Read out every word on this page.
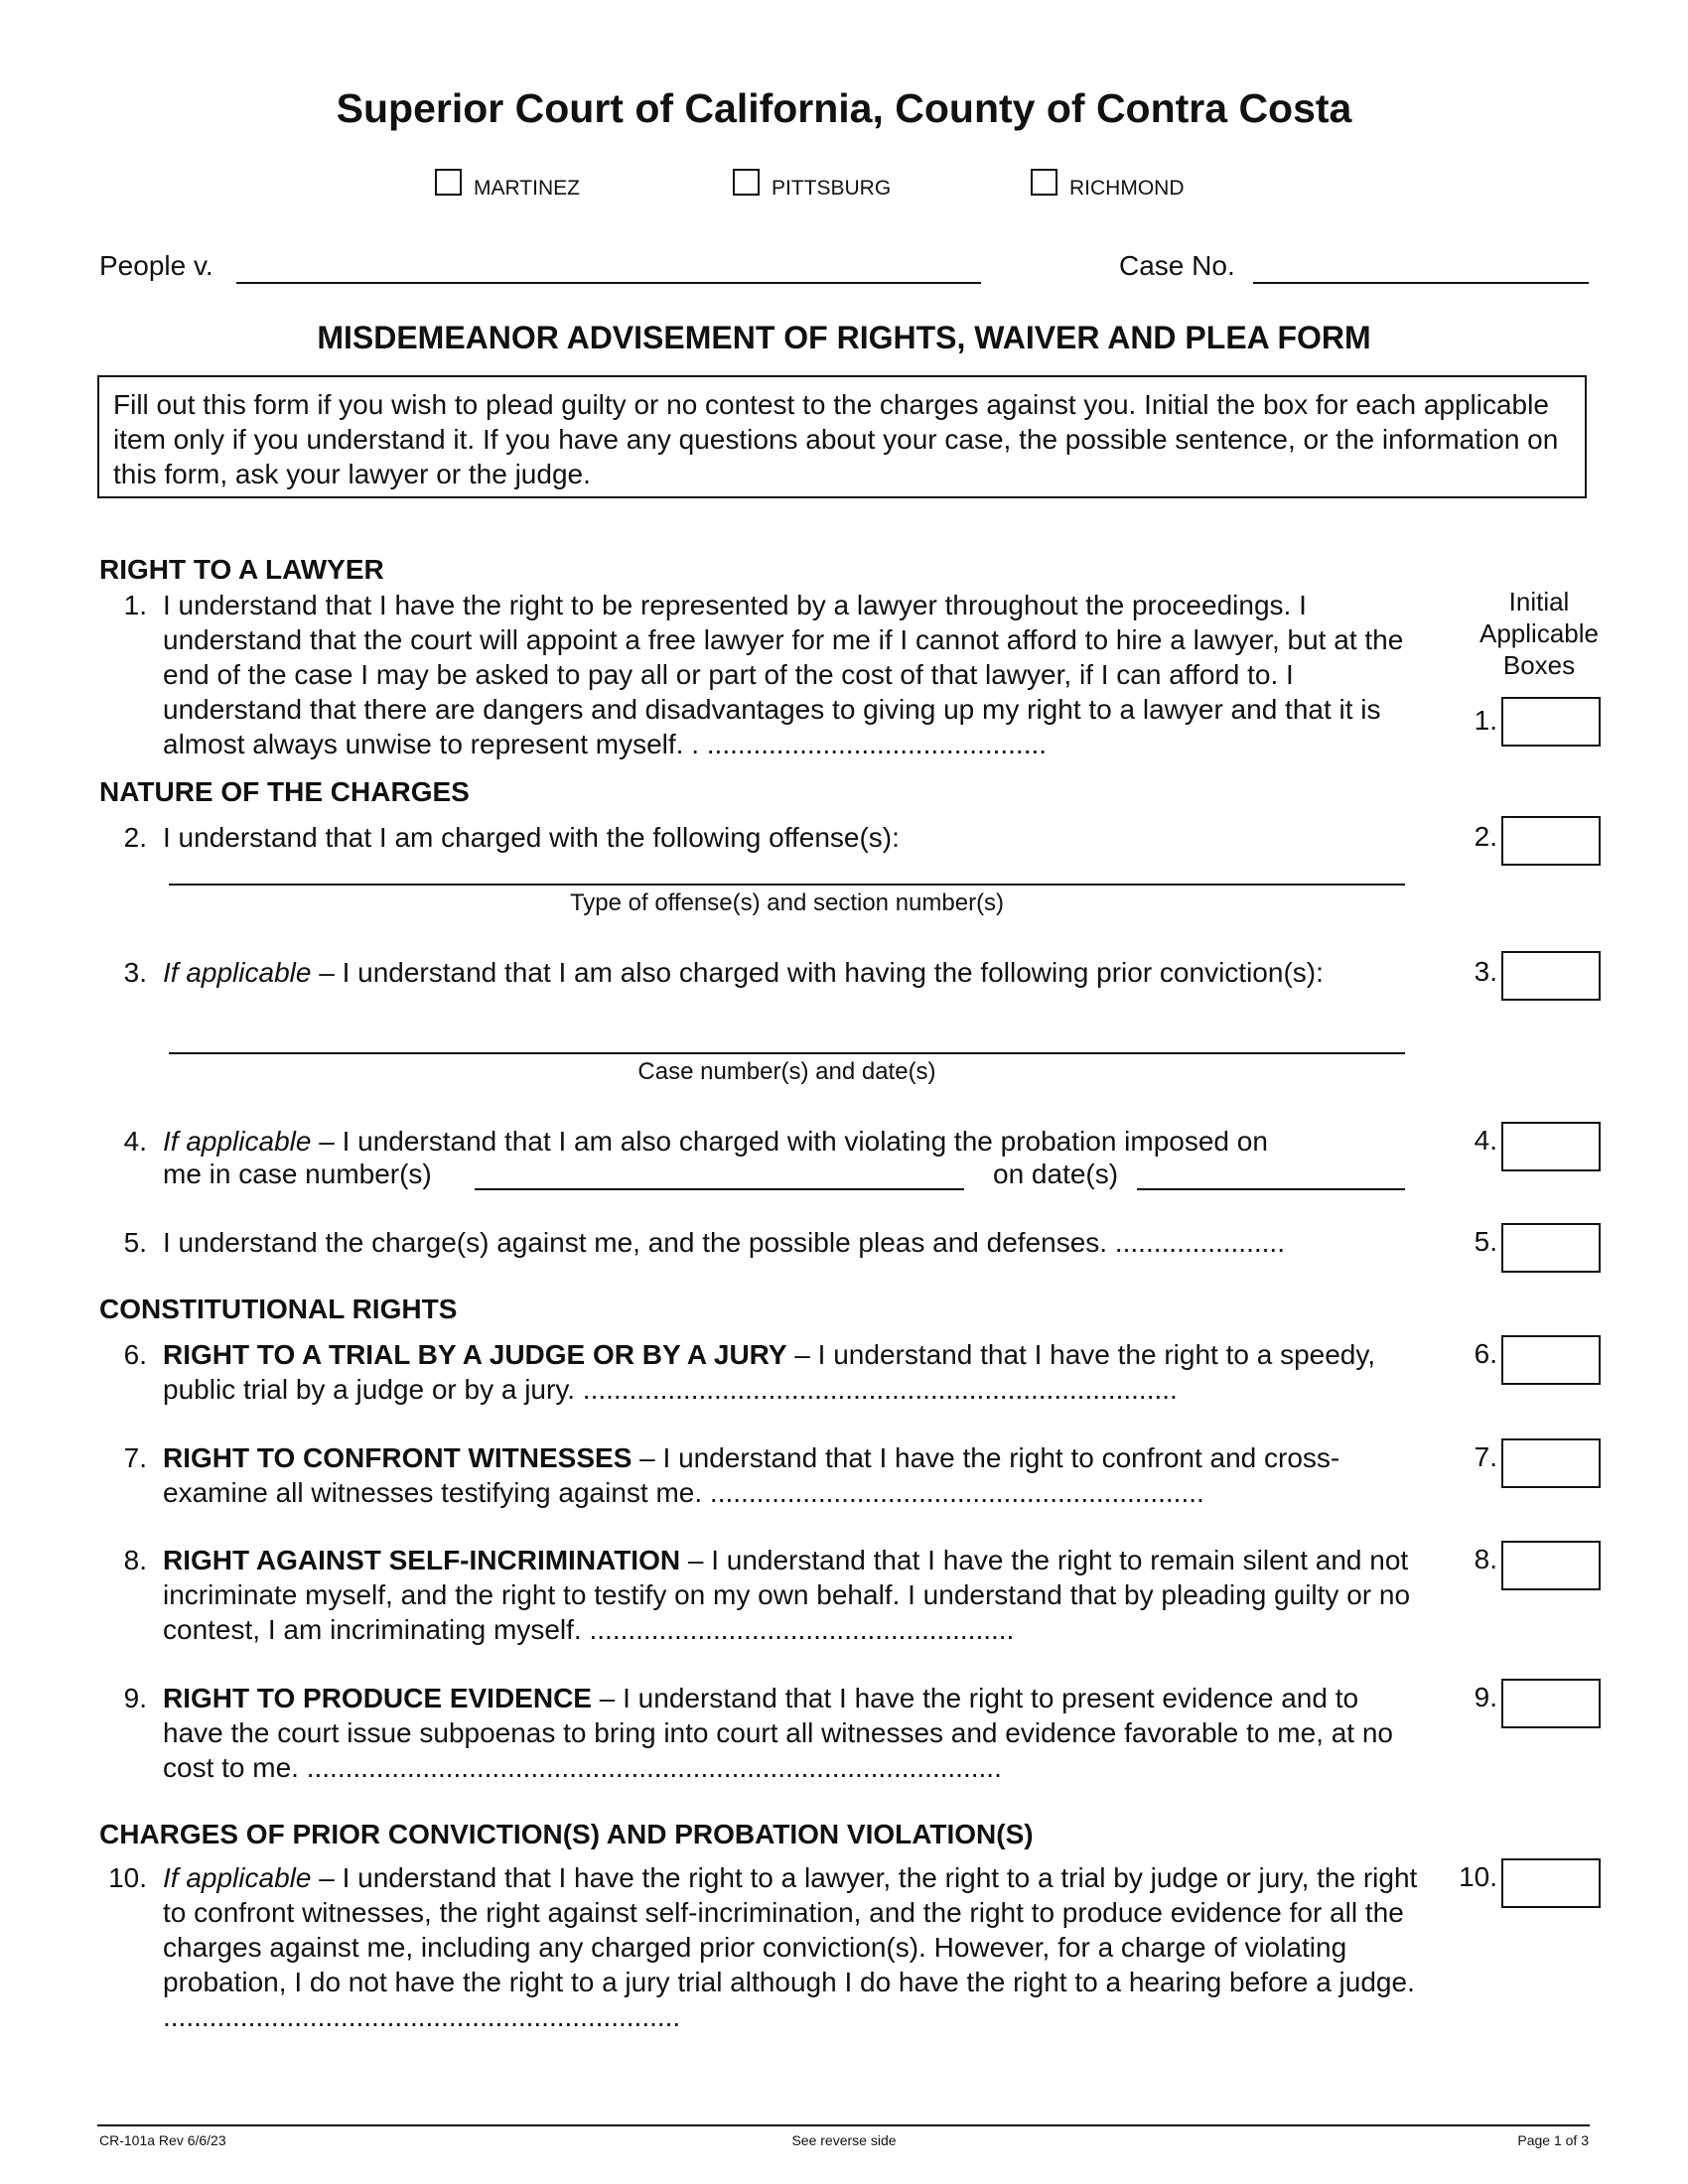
Superior Court of California, County of Contra Costa
MARTINEZ	PITTSBURG	RICHMOND
People v.	Case No.
MISDEMEANOR ADVISEMENT OF RIGHTS, WAIVER AND PLEA FORM
Fill out this form if you wish to plead guilty or no contest to the charges against you. Initial the box for each applicable item only if you understand it. If you have any questions about your case, the possible sentence, or the information on this form, ask your lawyer or the judge.
Initial
Applicable
Boxes
RIGHT TO A LAWYER
1. I understand that I have the right to be represented by a lawyer throughout the proceedings. I understand that the court will appoint a free lawyer for me if I cannot afford to hire a lawyer, but at the end of the case I may be asked to pay all or part of the cost of that lawyer, if I can afford to. I understand that there are dangers and disadvantages to giving up my right to a lawyer and that it is almost always unwise to represent myself. . ............................................
NATURE OF THE CHARGES
2. I understand that I am charged with the following offense(s):
Type of offense(s) and section number(s)
3. If applicable – I understand that I am also charged with having the following prior conviction(s):
Case number(s) and date(s)
4. If applicable – I understand that I am also charged with violating the probation imposed on
me in case number(s)	on date(s)
5. I understand the charge(s) against me, and the possible pleas and defenses. ......................
CONSTITUTIONAL RIGHTS
6. RIGHT TO A TRIAL BY A JUDGE OR BY A JURY – I understand that I have the right to a speedy, public trial by a judge or by a jury. .............................................................................
7. RIGHT TO CONFRONT WITNESSES – I understand that I have the right to confront and cross-examine all witnesses testifying against me. ................................................................
8. RIGHT AGAINST SELF-INCRIMINATION – I understand that I have the right to remain silent and not incriminate myself, and the right to testify on my own behalf. I understand that by pleading guilty or no contest, I am incriminating myself. .......................................................
9. RIGHT TO PRODUCE EVIDENCE – I understand that I have the right to present evidence and to have the court issue subpoenas to bring into court all witnesses and evidence favorable to me, at no cost to me. ..........................................................................................
CHARGES OF PRIOR CONVICTION(S) AND PROBATION VIOLATION(S)
10. If applicable – I understand that I have the right to a lawyer, the right to a trial by judge or jury, the right to confront witnesses, the right against self-incrimination, and the right to produce evidence for all the charges against me, including any charged prior conviction(s). However, for a charge of violating probation, I do not have the right to a jury trial although I do have the right to a hearing before a judge. ...................................................................
1.
2.
3.
4.
5.
6.
7.
8.
9.
10.
CR-101a Rev 6/6/23	See reverse side	Page 1 of 3
